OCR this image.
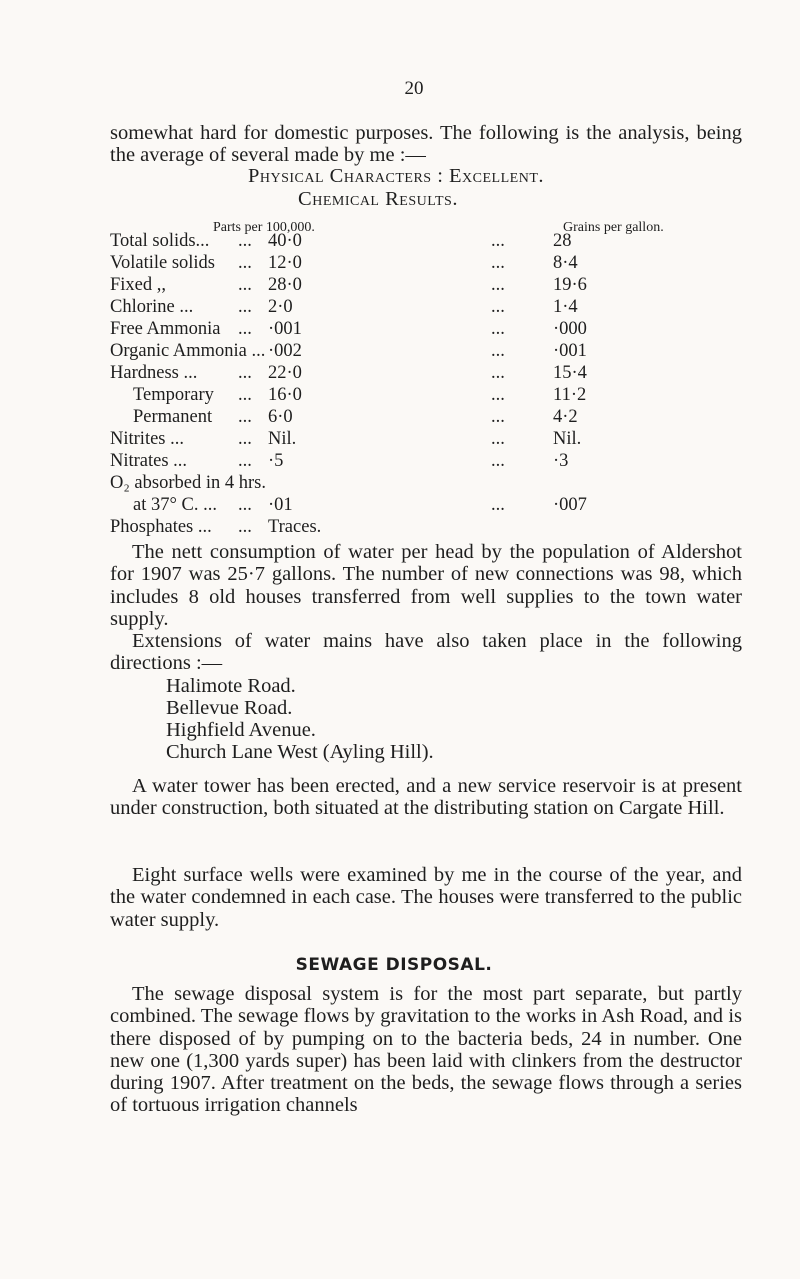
20
somewhat hard for domestic purposes. The following is the analysis, being the average of several made by me :—
Physical Characters : Excellent.
Chemical Results.
Parts per 100,000.	Grains per gallon.
Total solids... ... 40·0	...	28
Volatile solids ... 12·0	...	8·4
Fixed ,,	... 28·0	...	19·6
Chlorine ... ... 2·0	...	1·4
Free Ammonia ... ·001	...	·000
Organic Ammonia ... ·002	...	·001
Hardness ... ... 22·0	...	15·4
Temporary ... 16·0	...	11·2
Permanent ... 6·0	...	4·2
Nitrites ...	... Nil.	...	Nil.
Nitrates ...	... ·5	...	·3
O₂ absorbed in 4 hrs.
at 37° C. ... ... ·01	...	·007
Phosphates ... ... Traces.

The nett consumption of water per head by the population of Aldershot for 1907 was 25·7 gallons. The number of new connections was 98, which includes 8 old houses transferred from well supplies to the town water supply.

Extensions of water mains have also taken place in the following directions :—

Halimote Road.
Bellevue Road.
Highfield Avenue.
Church Lane West (Ayling Hill).

A water tower has been erected, and a new service reservoir is at present under construction, both situated at the distributing station on Cargate Hill.

Eight surface wells were examined by me in the course of the year, and the water condemned in each case. The houses were transferred to the public water supply.

SEWAGE DISPOSAL.

The sewage disposal system is for the most part separate, but partly combined. The sewage flows by gravitation to the works in Ash Road, and is there disposed of by pumping on to the bacteria beds, 24 in number. One new one (1,300 yards super) has been laid with clinkers from the destructor during 1907. After treatment on the beds, the sewage flows through a series of tortuous irrigation channels
